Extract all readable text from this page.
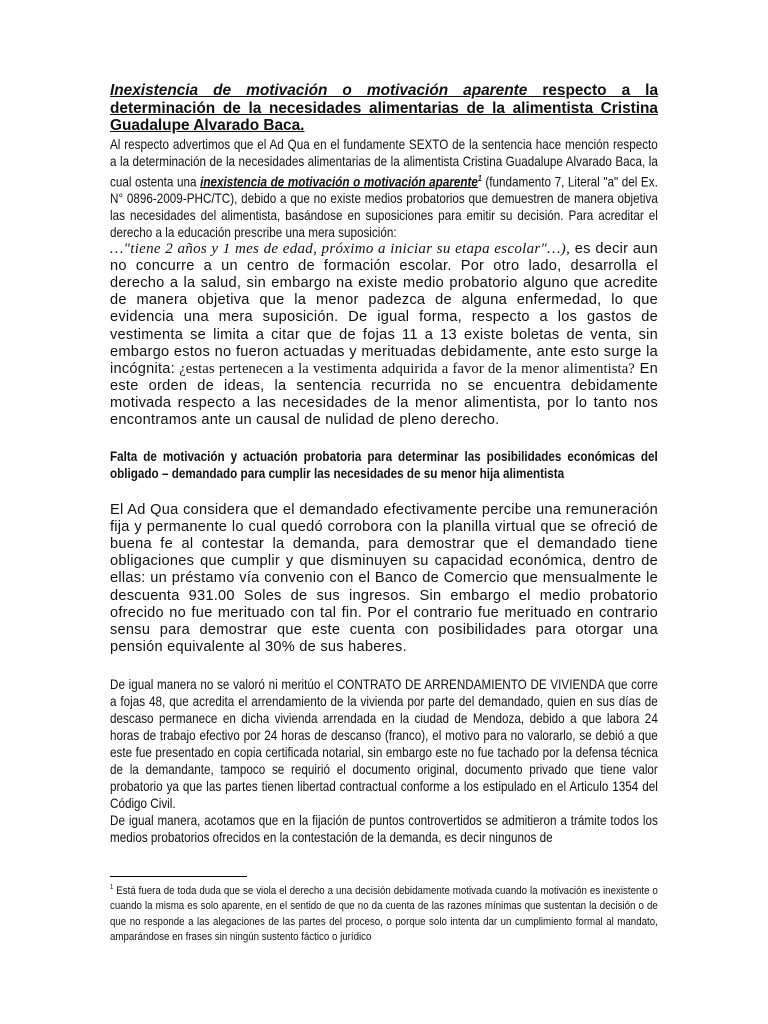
Inexistencia de motivación o motivación aparente respecto a la determinación de la necesidades alimentarias de la alimentista Cristina Guadalupe Alvarado Baca.

Al respecto advertimos que el Ad Qua en el fundamente SEXTO de la sentencia hace mención respecto a la determinación de la necesidades alimentarias de la alimentista Cristina Guadalupe Alvarado Baca, la cual ostenta una inexistencia de motivación o motivación aparente$^1$ (fundamento 7, Literal "a" del Ex. N° 0896-2009-PHC/TC), debido a que no existe medios probatorios que demuestren de manera objetiva las necesidades del alimentista, basándose en suposiciones para emitir su decisión. Para acreditar el derecho a la educación prescribe una mera suposición:

…"tiene 2 años y 1 mes de edad, próximo a iniciar su etapa escolar"…), es decir aun no concurre a un centro de formación escolar. Por otro lado, desarrolla el derecho a la salud, sin embargo na existe medio probatorio alguno que acredite de manera objetiva que la menor padezca de alguna enfermedad, lo que evidencia una mera suposición. De igual forma, respecto a los gastos de vestimenta se limita a citar que de fojas 11 a 13 existe boletas de venta, sin embargo estos no fueron actuadas y merituadas debidamente, ante esto surge la incógnita: ¿estas pertenecen a la vestimenta adquirida a favor de la menor alimentista? En este orden de ideas, la sentencia recurrida no se encuentra debidamente motivada respecto a las necesidades de la menor alimentista, por lo tanto nos encontramos ante un causal de nulidad de pleno derecho.

Falta de motivación y actuación probatoria para determinar las posibilidades económicas del obligado – demandado para cumplir las necesidades de su menor hija alimentista

El Ad Qua considera que el demandado efectivamente percibe una remuneración fija y permanente lo cual quedó corrobora con la planilla virtual que se ofreció de buena fe al contestar la demanda, para demostrar que el demandado tiene obligaciones que cumplir y que disminuyen su capacidad económica, dentro de ellas: un préstamo vía convenio con el Banco de Comercio que mensualmente le descuenta 931.00 Soles de sus ingresos. Sin embargo el medio probatorio ofrecido no fue merituado con tal fin. Por el contrario fue merituado en contrario sensu para demostrar que este cuenta con posibilidades para otorgar una pensión equivalente al 30% de sus haberes.

De igual manera no se valoró ni meritúo el CONTRATO DE ARRENDAMIENTO DE VIVIENDA que corre a fojas 48, que acredita el arrendamiento de la vivienda por parte del demandado, quien en sus días de descaso permanece en dicha vivienda arrendada en la ciudad de Mendoza, debido a que labora 24 horas de trabajo efectivo por 24 horas de descanso (franco), el motivo para no valorarlo, se debió a que este fue presentado en copia certificada notarial, sin embargo este no fue tachado por la defensa técnica de la demandante, tampoco se requirió el documento original, documento privado que tiene valor probatorio ya que las partes tienen libertad contractual conforme a los estipulado en el Articulo 1354 del Código Civil.

De igual manera, acotamos que en la fijación de puntos controvertidos se admitieron a trámite todos los medios probatorios ofrecidos en la contestación de la demanda, es decir ningunos de

$^1$ Está fuera de toda duda que se viola el derecho a una decisión debidamente motivada cuando la motivación es inexistente o cuando la misma es solo aparente, en el sentido de que no da cuenta de las razones mínimas que sustentan la decisión o de que no responde a las alegaciones de las partes del proceso, o porque solo intenta dar un cumplimiento formal al mandato, amparándose en frases sin ningún sustento fáctico o jurídico
